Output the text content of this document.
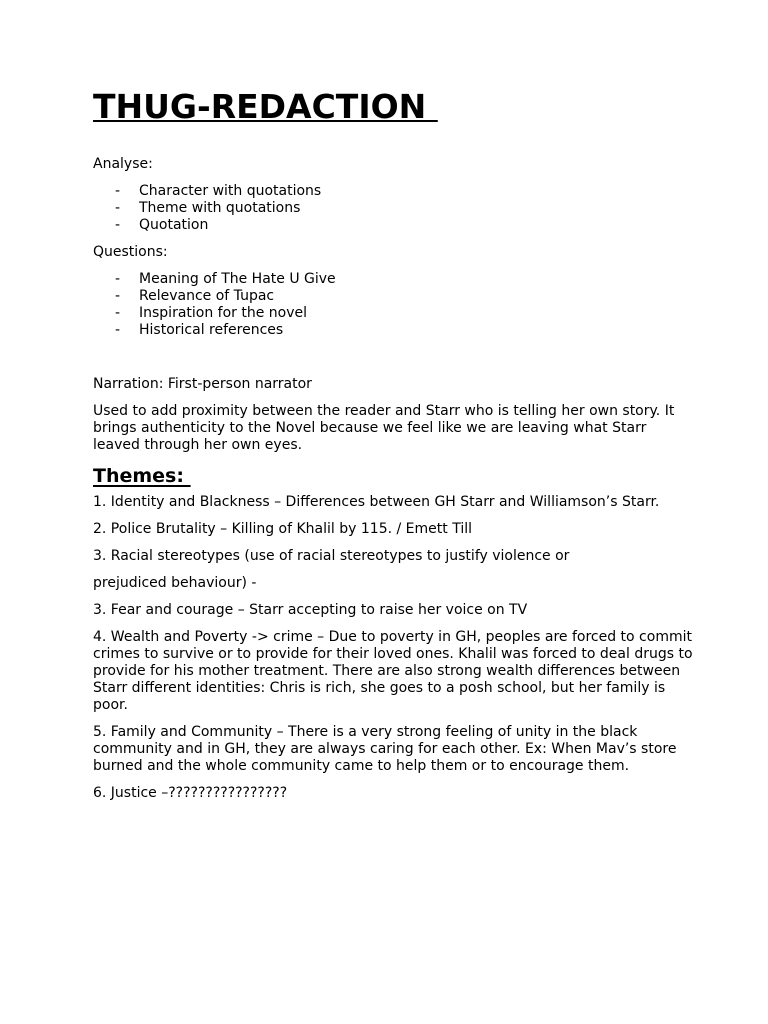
THUG-REDACTION

Analyse:

- Character with quotations
- Theme with quotations
- Quotation

Questions:

- Meaning of The Hate U Give
- Relevance of Tupac
- Inspiration for the novel
- Historical references

Narration: First-person narrator

Used to add proximity between the reader and Starr who is telling her own story. It brings authenticity to the Novel because we feel like we are leaving what Starr leaved through her own eyes.

Themes:

1. Identity and Blackness – Differences between GH Starr and Williamson’s Starr.

2. Police Brutality – Killing of Khalil by 115. / Emett Till

3. Racial stereotypes (use of racial stereotypes to justify violence or

prejudiced behaviour) -

3. Fear and courage – Starr accepting to raise her voice on TV

4. Wealth and Poverty -> crime – Due to poverty in GH, peoples are forced to commit crimes to survive or to provide for their loved ones. Khalil was forced to deal drugs to provide for his mother treatment. There are also strong wealth differences between Starr different identities: Chris is rich, she goes to a posh school, but her family is poor.

5. Family and Community – There is a very strong feeling of unity in the black community and in GH, they are always caring for each other. Ex: When Mav’s store burned and the whole community came to help them or to encourage them.

6. Justice –????????????????
